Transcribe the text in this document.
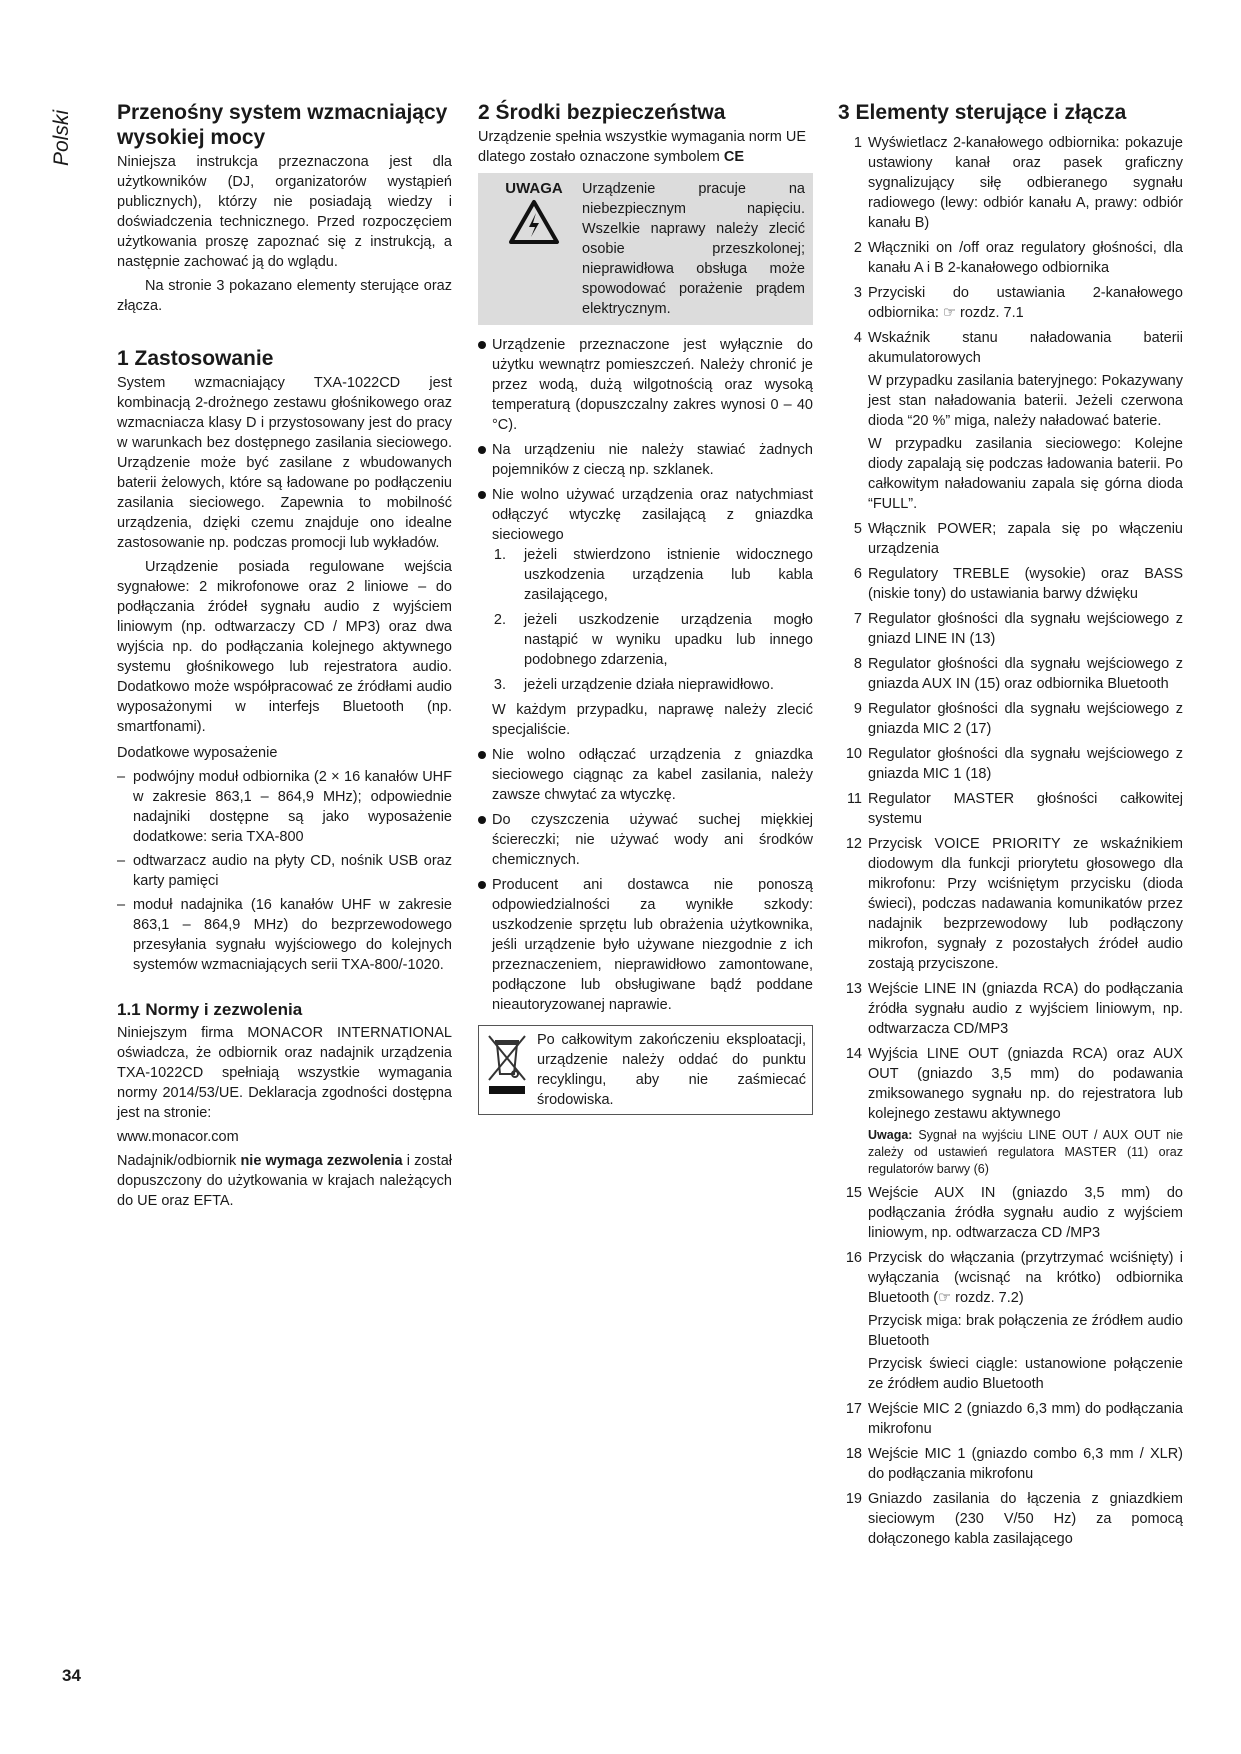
Polski Przenośny system wzmacniający wysokiej mocy

Niniejsza instrukcja przeznaczona jest dla użytkowników (DJ, organizatorów wystąpień publicznych), którzy nie posiadają wiedzy i doświadczenia technicznego. Przed rozpoczęciem użytkowania proszę zapoznać się z instrukcją, a następnie zachować ją do wglądu.

Na stronie 3 pokazano elementy sterujące oraz złącza.

1 Zastosowanie

System wzmacniający TXA-1022CD jest kombinacją 2-drożnego zestawu głośnikowego oraz wzmacniacza klasy D i przystosowany jest do pracy w warunkach bez dostępnego zasilania sieciowego. Urządzenie może być zasilane z wbudowanych baterii żelowych, które są ładowane po podłączeniu zasilania sieciowego. Zapewnia to mobilność urządzenia, dzięki czemu znajduje ono idealne zastosowanie np. podczas promocji lub wykładów.

Urządzenie posiada regulowane wejścia sygnałowe: 2 mikrofonowe oraz 2 liniowe – do podłączania źródeł sygnału audio z wyjściem liniowym (np. odtwarzaczy CD / MP3) oraz dwa wyjścia np. do podłączania kolejnego aktywnego systemu głośnikowego lub rejestratora audio. Dodatkowo może współpracować ze źródłami audio wyposażonymi w interfejs Bluetooth (np. smartfonami).

Dodatkowe wyposażenie

– podwójny moduł odbiornika (2 × 16 kanałów UHF w zakresie 863,1 – 864,9 MHz); odpowiednie nadajniki dostępne są jako wyposażenie dodatkowe: seria TXA-800
– odtwarzacz audio na płyty CD, nośnik USB oraz karty pamięci
– moduł nadajnika (16 kanałów UHF w zakresie 863,1 – 864,9 MHz) do bezprzewodowego przesyłania sygnału wyjściowego do kolejnych systemów wzmacniających serii TXA-800/-1020.
1.1 Normy i zezwolenia

Niniejszym firma MONACOR INTERNATIONAL oświadcza, że odbiornik oraz nadajnik urządzenia TXA-1022CD spełniają wszystkie wymagania normy 2014/53/UE. Deklaracja zgodności dostępna jest na stronie:

www.monacor.com

Nadajnik/odbiornik nie wymaga zezwolenia i został dopuszczony do użytkowania w krajach należących do UE oraz EFTA.

2 Środki bezpieczeństwa

Urządzenie spełnia wszystkie wymagania norm UE dlatego zostało oznaczone symbolem CE

UWAGA	Urządzenie pracuje na niebezpiecznym napięciu. Wszelkie naprawy należy zlecić osobie przeszkolonej; nieprawidłowa obsługa może spowodować porażenie prądem elektrycznym.

Urządzenie przeznaczone jest wyłącznie do użytku wewnątrz pomieszczeń. Należy chronić je przez wodą, dużą wilgotnością oraz wysoką temperaturą (dopuszczalny zakres wynosi 0 – 40 °C).
Na urządzeniu nie należy stawiać żadnych pojemników z cieczą np. szklanek.
Nie wolno używać urządzenia oraz natychmiast odłączyć wtyczkę zasilającą z gniazdka sieciowego
1. jeżeli stwierdzono istnienie widocznego uszkodzenia urządzenia lub kabla zasilającego,
2. jeżeli uszkodzenie urządzenia mogło nastąpić w wyniku upadku lub innego podobnego zdarzenia,
3. jeżeli urządzenie działa nieprawidłowo.
W każdym przypadku, naprawę należy zlecić specjaliście.
Nie wolno odłączać urządzenia z gniazdka sieciowego ciągnąc za kabel zasilania, należy zawsze chwytać za wtyczkę.
Do czyszczenia używać suchej miękkiej ściereczki; nie używać wody ani środków chemicznych.
Producent ani dostawca nie ponoszą odpowiedzialności za wynikłe szkody: uszkodzenie sprzętu lub obrażenia użytkownika, jeśli urządzenie było używane niezgodnie z ich przeznaczeniem, nieprawidłowo zamontowane, podłączone lub obsługiwane bądź poddane nieautoryzowanej naprawie.

Po całkowitym zakończeniu eksploatacji, urządzenie należy oddać do punktu recyklingu, aby nie zaśmiecać środowiska.

3 Elementy sterujące i złącza
1 Wyświetlacz 2-kanałowego odbiornika: pokazuje ustawiony kanał oraz pasek graficzny sygnalizujący siłę odbieranego sygnału radiowego (lewy: odbiór kanału A, prawy: odbiór kanału B)
2 Włączniki on /off oraz regulatory głośności, dla kanału A i B 2-kanałowego odbiornika
3 Przyciski do ustawiania 2-kanałowego odbiornika: ☞ rozdz. 7.1
4 Wskaźnik stanu naładowania baterii akumulatorowych

W przypadku zasilania bateryjnego: Pokazywany jest stan naładowania baterii. Jeżeli czerwona dioda “20 %” miga, należy naładować baterie.

W przypadku zasilania sieciowego: Kolejne diody zapalają się podczas ładowania baterii. Po całkowitym naładowaniu zapala się górna dioda “FULL”.

5 Włącznik POWER; zapala się po włączeniu urządzenia
6 Regulatory TREBLE (wysokie) oraz BASS (niskie tony) do ustawiania barwy dźwięku
7 Regulator głośności dla sygnału wejściowego z gniazd LINE IN (13)
8 Regulator głośności dla sygnału wejściowego z gniazda AUX IN (15) oraz odbiornika Bluetooth
9 Regulator głośności dla sygnału wejściowego z gniazda MIC 2 (17)
10 Regulator głośności dla sygnału wejściowego z gniazda MIC 1 (18)
11 Regulator MASTER głośności całkowitej systemu
12 Przycisk VOICE PRIORITY ze wskaźnikiem diodowym dla funkcji priorytetu głosowego dla mikrofonu: Przy wciśniętym przycisku (dioda świeci), podczas nadawania komunikatów przez nadajnik bezprzewodowy lub podłączony mikrofon, sygnały z pozostałych źródeł audio zostają przyciszone.
13 Wejście LINE IN (gniazda RCA) do podłączania źródła sygnału audio z wyjściem liniowym, np. odtwarzacza CD/MP3
14 Wyjścia LINE OUT (gniazda RCA) oraz AUX OUT (gniazdo 3,5 mm) do podawania zmiksowanego sygnału np. do rejestratora lub kolejnego zestawu aktywnego

Uwaga: Sygnał na wyjściu LINE OUT / AUX OUT nie zależy od ustawień regulatora MASTER (11) oraz regulatorów barwy (6)

15 Wejście AUX IN (gniazdo 3,5 mm) do podłączania źródła sygnału audio z wyjściem liniowym, np. odtwarzacza CD /MP3
16 Przycisk do włączania (przytrzymać wciśnięty) i wyłączania (wcisnąć na krótko) odbiornika Bluetooth (☞ rozdz. 7.2)

Przycisk miga: brak połączenia ze źródłem audio Bluetooth

Przycisk świeci ciągle: ustanowione połączenie ze źródłem audio Bluetooth

17 Wejście MIC 2 (gniazdo 6,3 mm) do podłączania mikrofonu
18 Wejście MIC 1 (gniazdo combo 6,3 mm / XLR) do podłączania mikrofonu
19 Gniazdo zasilania do łączenia z gniazdkiem sieciowym (230 V/50 Hz) za pomocą dołączonego kabla zasilającego
34
